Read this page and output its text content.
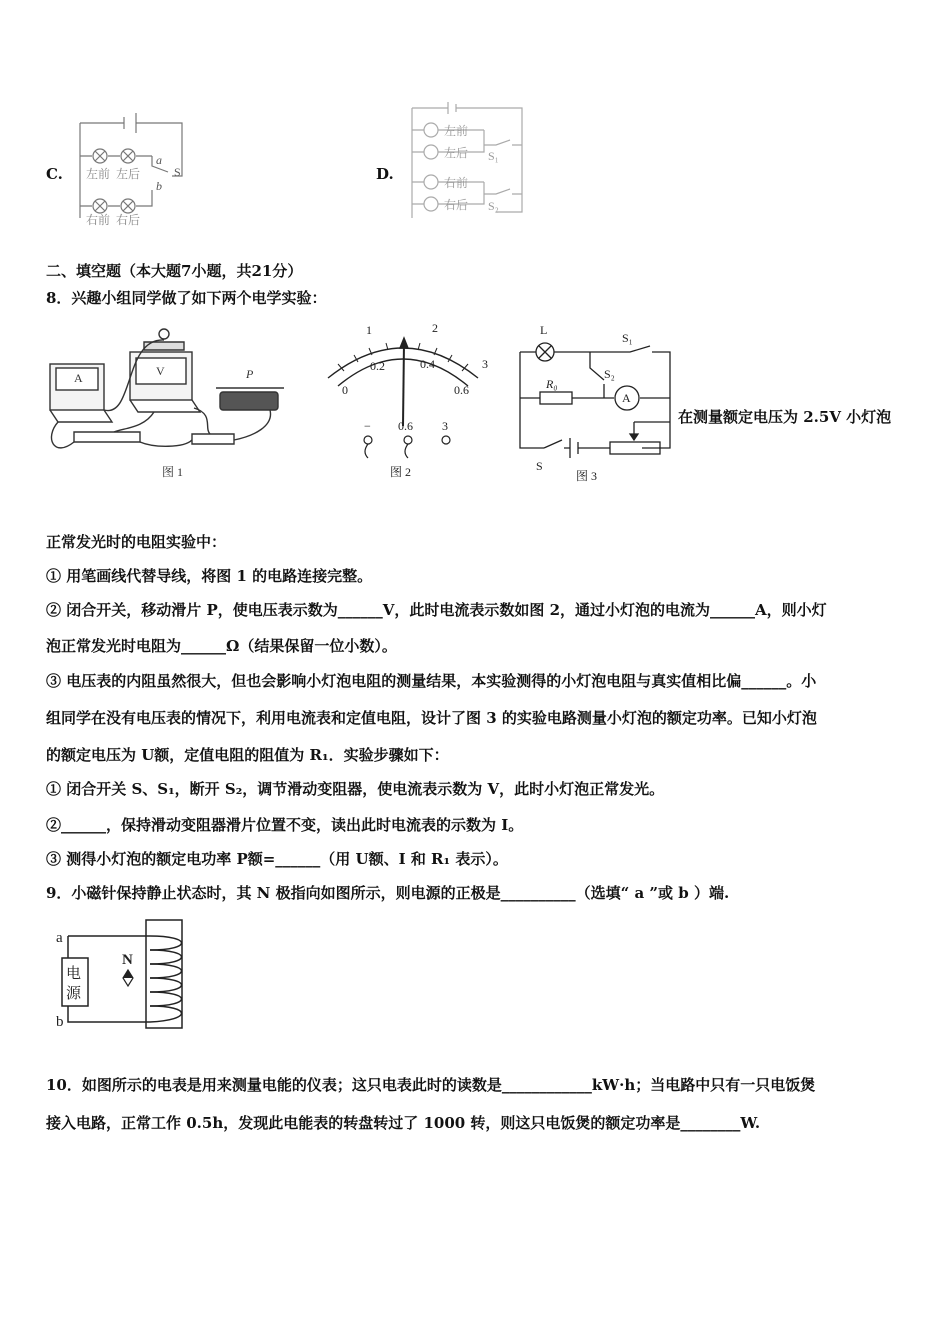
C. 左前 左后
右前 右后
S
a
b
D.
左前
左后
右前
右后
S₁
S₂
二、填空题（本大题7小题，共21分）
8．兴趣小组同学做了如下两个电学实验：
A	V	P
图 1
1	2
3
0
0.2	0.4
0.6
− 0.6 3
图 2
L
S₁
S₂
R₀
A
S
图 3
在测量额定电压为 2.5V 小灯泡
正常发光时的电阻实验中：
① 用笔画线代替导线，将图 1 的电路连接完整。
② 闭合开关，移动滑片 P，使电压表示数为______V，此时电流表示数如图 2，通过小灯泡的电流为______A，则小灯
泡正常发光时电阻为______Ω（结果保留一位小数）。
③ 电压表的内阻虽然很大，但也会影响小灯泡电阻的测量结果，本实验测得的小灯泡电阻与真实值相比偏______。小
组同学在没有电压表的情况下，利用电流表和定值电阻，设计了图 3 的实验电路测量小灯泡的额定功率。已知小灯泡
的额定电压为 U额，定值电阻的阻值为 R₁．实验步骤如下：
① 闭合开关 S、S₁，断开 S₂，调节滑动变阻器，使电流表示数为 V，此时小灯泡正常发光。
②______，保持滑动变阻器滑片位置不变，读出此时电流表的示数为 I。
③ 测得小灯泡的额定电功率 P额=______（用 U额、I 和 R₁ 表示）。
9．小磁针保持静止状态时，其 N 极指向如图所示，则电源的正极是__________（选填“ a ”或 b ）端.
a
b
电
源
N
10．如图所示的电表是用来测量电能的仪表；这只电表此时的读数是____________kW·h；当电路中只有一只电饭煲
接入电路，正常工作 0.5h，发现此电能表的转盘转过了 1000 转，则这只电饭煲的额定功率是________W.
